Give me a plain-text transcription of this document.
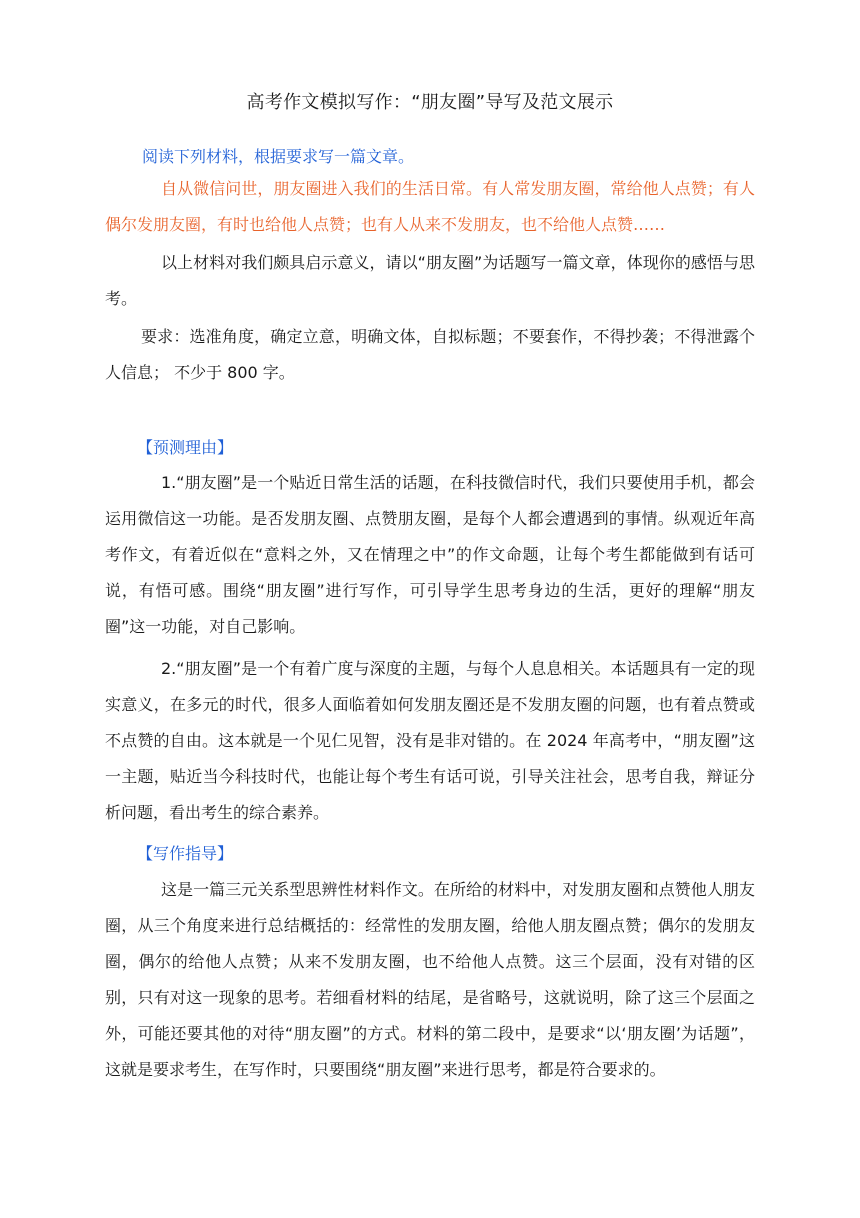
高考作文模拟写作：“朋友圈”导写及范文展示

阅读下列材料，根据要求写一篇文章。

自从微信问世，朋友圈进入我们的生活日常。有人常发朋友圈，常给他人点赞；有人偶尔发朋友圈，有时也给他人点赞；也有人从来不发朋友，也不给他人点赞……

以上材料对我们颇具启示意义，请以“朋友圈”为话题写一篇文章，体现你的感悟与思考。

要求：选准角度，确定立意，明确文体，自拟标题；不要套作，不得抄袭；不得泄露个人信息； 不少于 800 字。

【预测理由】

1.“朋友圈”是一个贴近日常生活的话题，在科技微信时代，我们只要使用手机，都会运用微信这一功能。是否发朋友圈、点赞朋友圈，是每个人都会遭遇到的事情。纵观近年高考作文，有着近似在“意料之外，又在情理之中”的作文命题，让每个考生都能做到有话可说，有悟可感。围绕“朋友圈”进行写作，可引导学生思考身边的生活，更好的理解“朋友圈”这一功能，对自己影响。

2.“朋友圈”是一个有着广度与深度的主题，与每个人息息相关。本话题具有一定的现实意义，在多元的时代，很多人面临着如何发朋友圈还是不发朋友圈的问题，也有着点赞或不点赞的自由。这本就是一个见仁见智，没有是非对错的。在 2024 年高考中，“朋友圈”这一主题，贴近当今科技时代，也能让每个考生有话可说，引导关注社会，思考自我，辩证分析问题，看出考生的综合素养。

【写作指导】

这是一篇三元关系型思辨性材料作文。在所给的材料中，对发朋友圈和点赞他人朋友圈，从三个角度来进行总结概括的：经常性的发朋友圈，给他人朋友圈点赞；偶尔的发朋友圈，偶尔的给他人点赞；从来不发朋友圈，也不给他人点赞。这三个层面，没有对错的区别，只有对这一现象的思考。若细看材料的结尾，是省略号，这就说明，除了这三个层面之外，可能还要其他的对待“朋友圈”的方式。材料的第二段中，是要求“以‘朋友圈’为话题”，这就是要求考生，在写作时，只要围绕“朋友圈”来进行思考，都是符合要求的。
